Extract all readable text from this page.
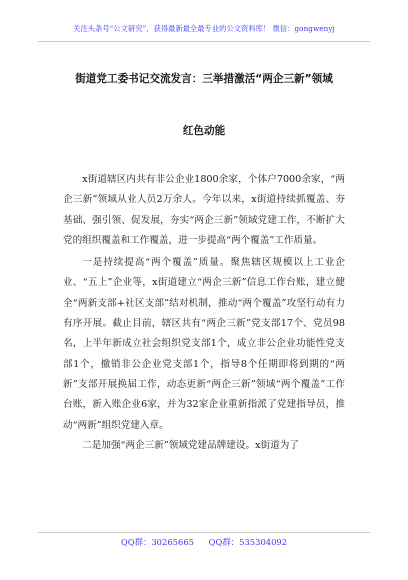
关注头条号“公文研究”，获得最新最全最专业的公文资料库！ 微信：gongwenyj
街道党工委书记交流发言：三举措激活“两企三新”领域
红色动能

x街道辖区内共有非公企业1800余家，个体户7000余家，“两企三新”领域从业人员2万余人。今年以来，x街道持续抓覆盖、夯基础、强引领、促发展，夯实“两企三新”领域党建工作，不断扩大党的组织覆盖和工作覆盖，进一步提高“两个覆盖”工作质量。

一是持续提高“两个覆盖”质量。聚焦辖区规模以上工业企业、“五上”企业等，x街道建立“两企三新”信息工作台账，建立健全“两新支部+社区支部”结对机制，推动“两个覆盖”攻坚行动有力有序开展。截止目前，辖区共有“两企三新”党支部17个、党员98名，上半年新成立社会组织党支部1个，成立非公企业功能性党支部1个，撤销非公企业党支部1个，指导8个任期即将到期的“两新”支部开展换届工作，动态更新“两企三新”领域“两个覆盖”工作台账，新入账企业6家，并为32家企业重新指派了党建指导员，推动“两新”组织党建入章。

二是加强“两企三新”领域党建品牌建设。x街道为了

QQ群：30265665 QQ群：535304092
